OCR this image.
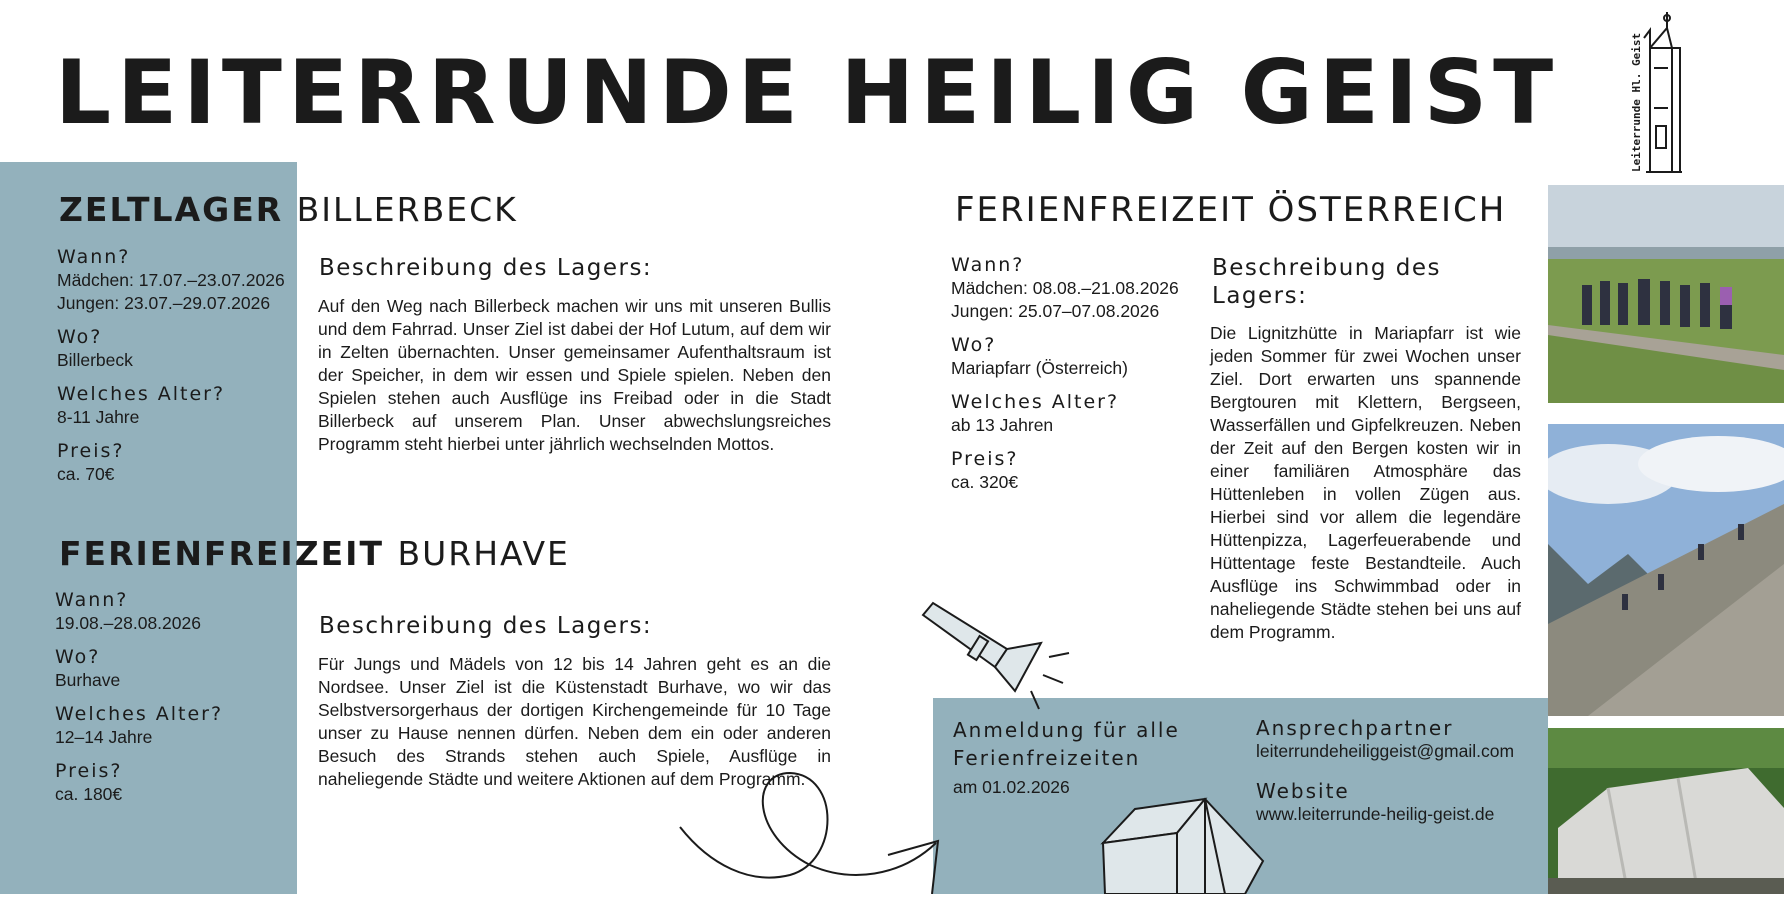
LEITERRUNDE HEILIG GEIST	Leiterrunde Hl. Geist
ZELTLAGER BILLERBECK

Wann?

Mädchen: 17.07.–23.07.2026

Jungen: 23.07.–29.07.2026

Wo?

Billerbeck

Welches Alter?

8-11 Jahre

Preis?

ca. 70€

Beschreibung des Lagers:

Auf den Weg nach Billerbeck machen wir uns mit unseren Bullis und dem Fahrrad. Unser Ziel ist dabei der Hof Lutum, auf dem wir in Zelten übernachten. Unser gemeinsamer Aufenthaltsraum ist der Speicher, in dem wir essen und Spiele spielen. Neben den Spielen stehen auch Ausflüge ins Freibad oder in die Stadt Billerbeck auf unserem Plan. Unser abwechslungsreiches Programm steht hierbei unter jährlich wechselnden Mottos.

FERIENFREIZEIT BURHAVE

Wann?

19.08.–28.08.2026

Wo?

Burhave

Welches Alter?

12–14 Jahre

Preis?

ca. 180€

Beschreibung des Lagers:

Für Jungs und Mädels von 12 bis 14 Jahren geht es an die Nordsee. Unser Ziel ist die Küstenstadt Burhave, wo wir das Selbstversorgerhaus der dortigen Kirchengemeinde für 10 Tage unser zu Hause nennen dürfen. Neben dem ein oder anderen Besuch des Strands stehen auch Spiele, Ausflüge in naheliegende Städte und weitere Aktionen auf dem Programm.

FERIENFREIZEIT ÖSTERREICH

Wann?

Mädchen: 08.08.–21.08.2026

Jungen: 25.07–07.08.2026

Wo?

Mariapfarr (Österreich)

Welches Alter?

ab 13 Jahren

Preis?

ca. 320€

Beschreibung des Lagers:

Die Lignitzhütte in Mariapfarr ist wie jeden Sommer für zwei Wochen unser Ziel. Dort erwarten uns spannende Bergtouren mit Klettern, Bergseen, Wasserfällen und Gipfelkreuzen. Neben der Zeit auf den Bergen kosten wir in einer familiären Atmosphäre das Hüttenleben in vollen Zügen aus. Hierbei sind vor allem die legendäre Hüttenpizza, Lagerfeuerabende und Hüttentage feste Bestandteile. Auch Ausflüge ins Schwimmbad oder in naheliegende Städte stehen bei uns auf dem Programm.

Anmeldung für alle Ferienfreizeiten

am 01.02.2026

Ansprechpartner

leiterrundeheiliggeist@gmail.com

Website

www.leiterrunde-heilig-geist.de
